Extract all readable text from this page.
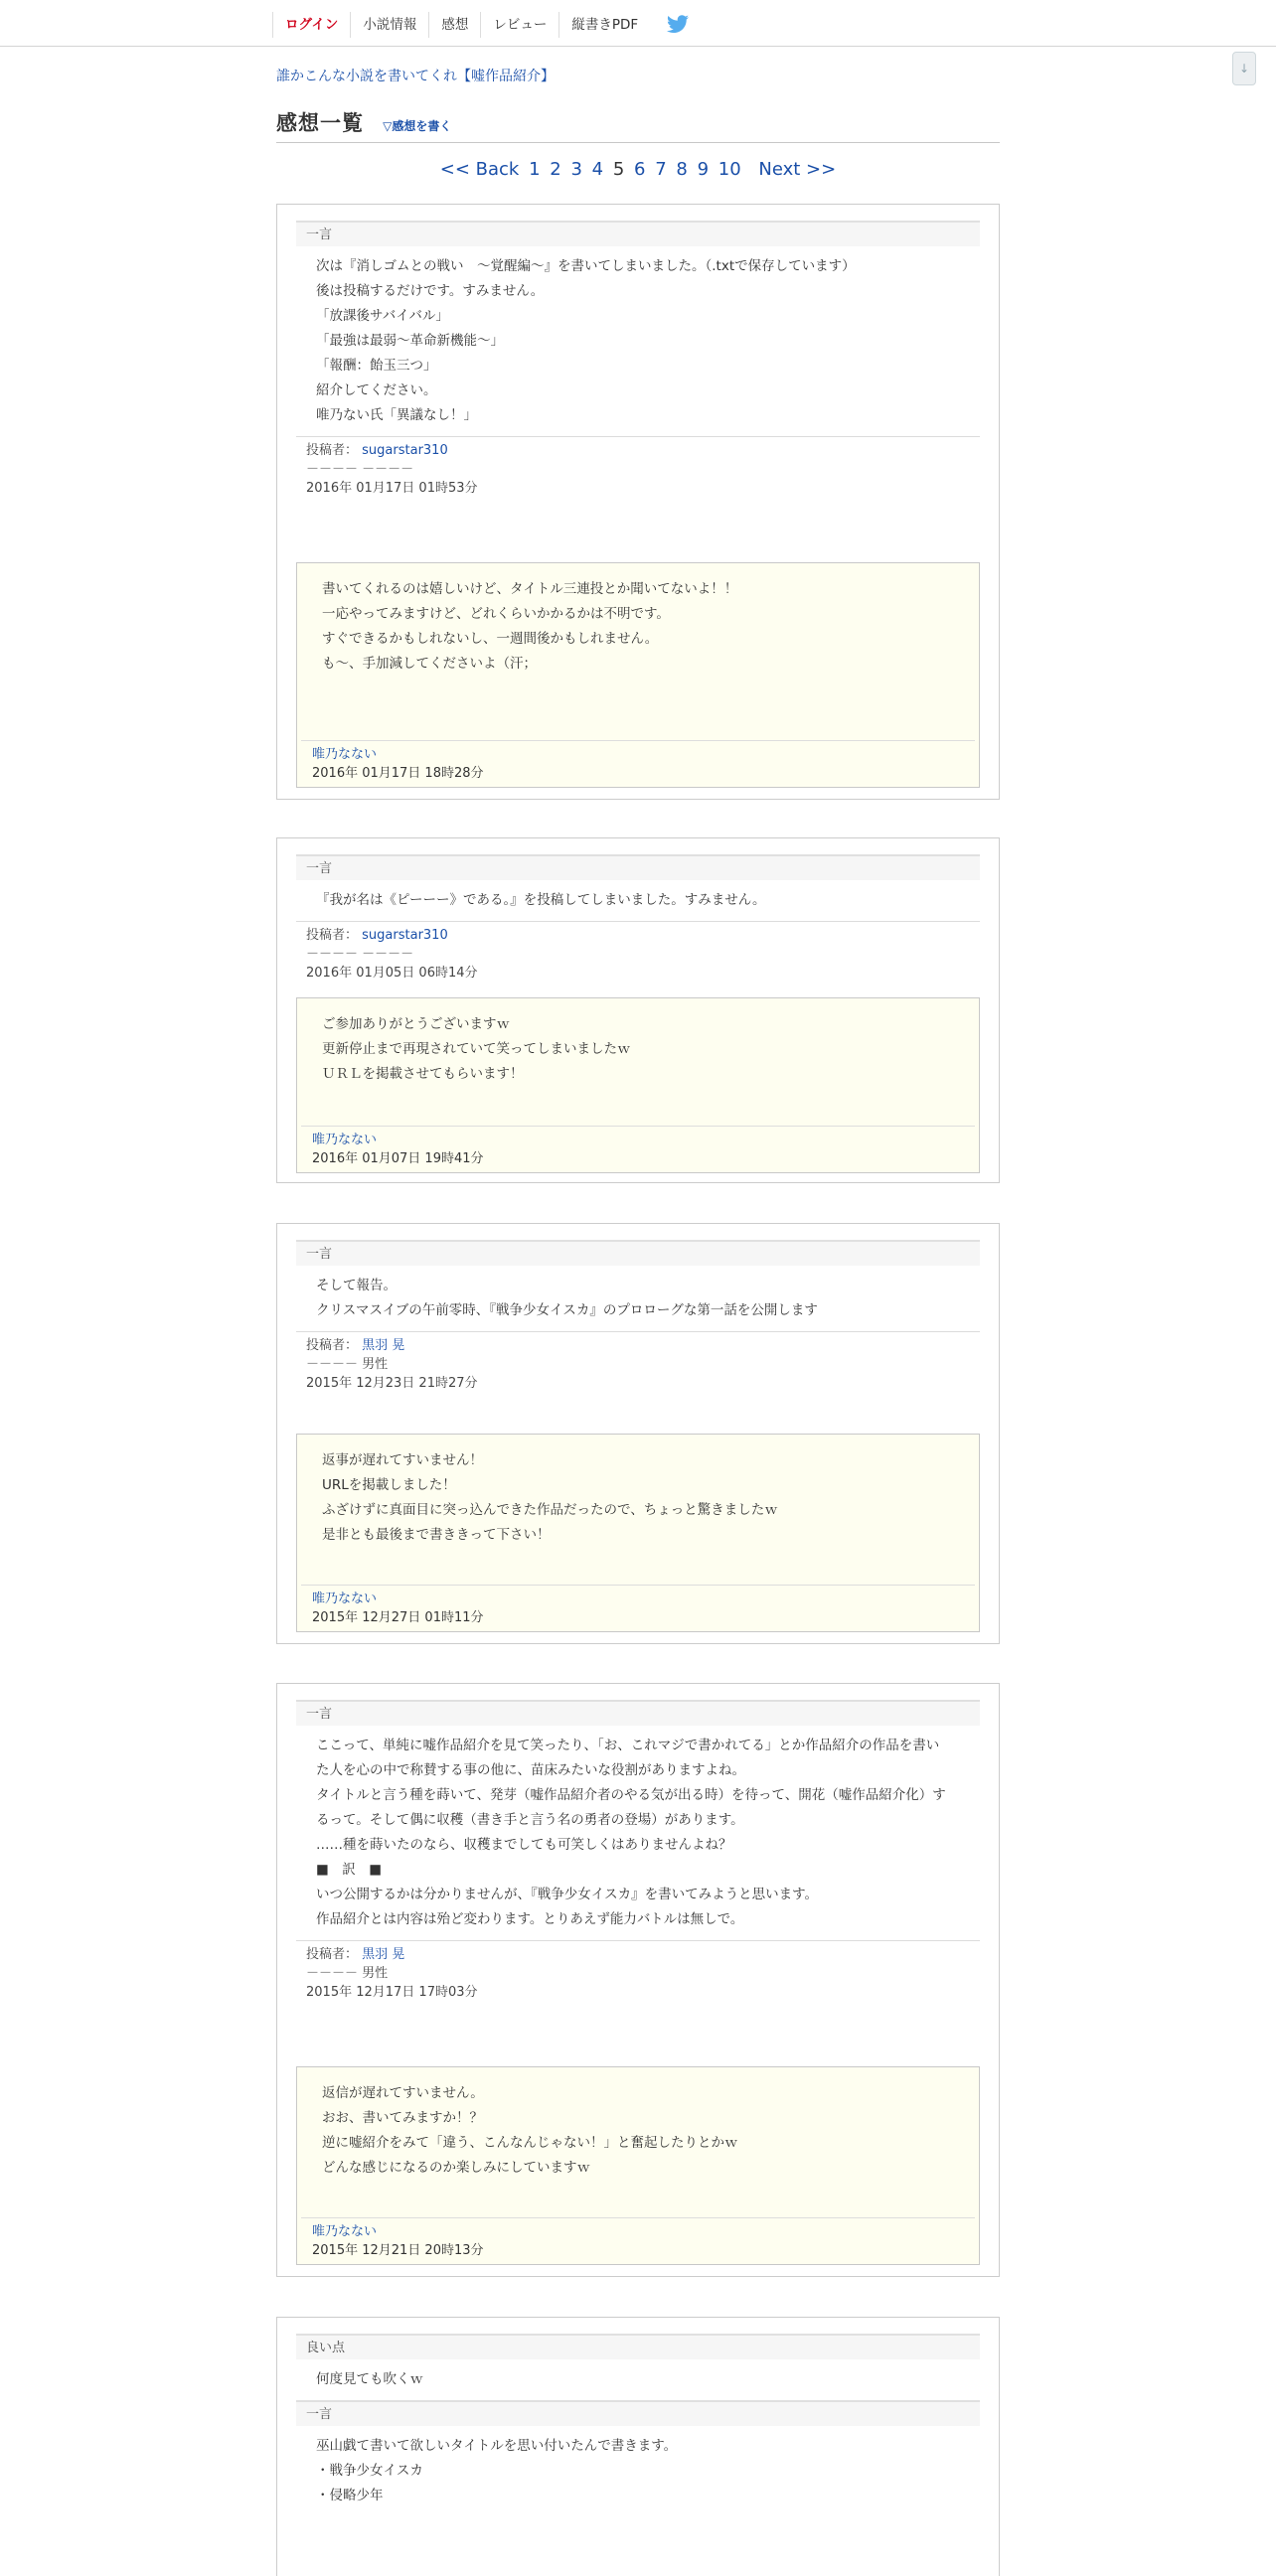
ログイン	小説情報	感想	レビュー	縦書きPDF
↓
誰かこんな小説を書いてくれ【嘘作品紹介】
感想一覧 ▽感想を書く
<< Back 1 2 3 4 5 6 7 8 9 10 Next >>
一言

次は『消しゴムとの戦い　～覚醒編～』を書いてしまいました。（.txtで保存しています）

後は投稿するだけです。すみません。

「放課後サバイバル」

「最強は最弱～革命新機能～」

「報酬：飴玉三つ」

紹介してください。

唯乃ない氏「異議なし！」

投稿者： sugarstar310
－－－－ －－－－
2016年 01月17日 01時53分

書いてくれるのは嬉しいけど、タイトル三連投とか聞いてないよ！！

一応やってみますけど、どれくらいかかるかは不明です。

すぐできるかもしれないし、一週間後かもしれません。

も～、手加減してくださいよ（汗；

唯乃なない
2016年 01月17日 18時28分
一言

『我が名は《ピーーー》である。』を投稿してしまいました。すみません。

投稿者： sugarstar310
－－－－ －－－－
2016年 01月05日 06時14分

ご参加ありがとうございますｗ

更新停止まで再現されていて笑ってしまいましたｗ

ＵＲＬを掲載させてもらいます！

唯乃なない
2016年 01月07日 19時41分
一言

そして報告。

クリスマスイブの午前零時、『戦争少女イスカ』のプロローグな第一話を公開します

投稿者： 黒羽 晃
－－－－ 男性
2015年 12月23日 21時27分

返事が遅れてすいません！

URLを掲載しました！

ふざけずに真面目に突っ込んできた作品だったので、ちょっと驚きましたｗ

是非とも最後まで書ききって下さい！

唯乃なない
2015年 12月27日 01時11分
一言

ここって、単純に嘘作品紹介を見て笑ったり、「お、これマジで書かれてる」とか作品紹介の作品を書い

た人を心の中で称賛する事の他に、苗床みたいな役割がありますよね。

タイトルと言う種を蒔いて、発芽（嘘作品紹介者のやる気が出る時）を待って、開花（嘘作品紹介化）す

るって。そして偶に収穫（書き手と言う名の勇者の登場）があります。

……種を蒔いたのなら、収穫までしても可笑しくはありませんよね？

■　訳　■

いつ公開するかは分かりませんが、『戦争少女イスカ』を書いてみようと思います。

作品紹介とは内容は殆ど変わります。とりあえず能力バトルは無しで。

投稿者： 黒羽 晃
－－－－ 男性
2015年 12月17日 17時03分

返信が遅れてすいません。

おお、書いてみますか！？

逆に嘘紹介をみて「違う、こんなんじゃない！」と奮起したりとかｗ

どんな感じになるのか楽しみにしていますｗ

唯乃なない
2015年 12月21日 20時13分
良い点

何度見ても吹くｗ

一言

巫山戯て書いて欲しいタイトルを思い付いたんで書きます。

・戦争少女イスカ

・侵略少年
